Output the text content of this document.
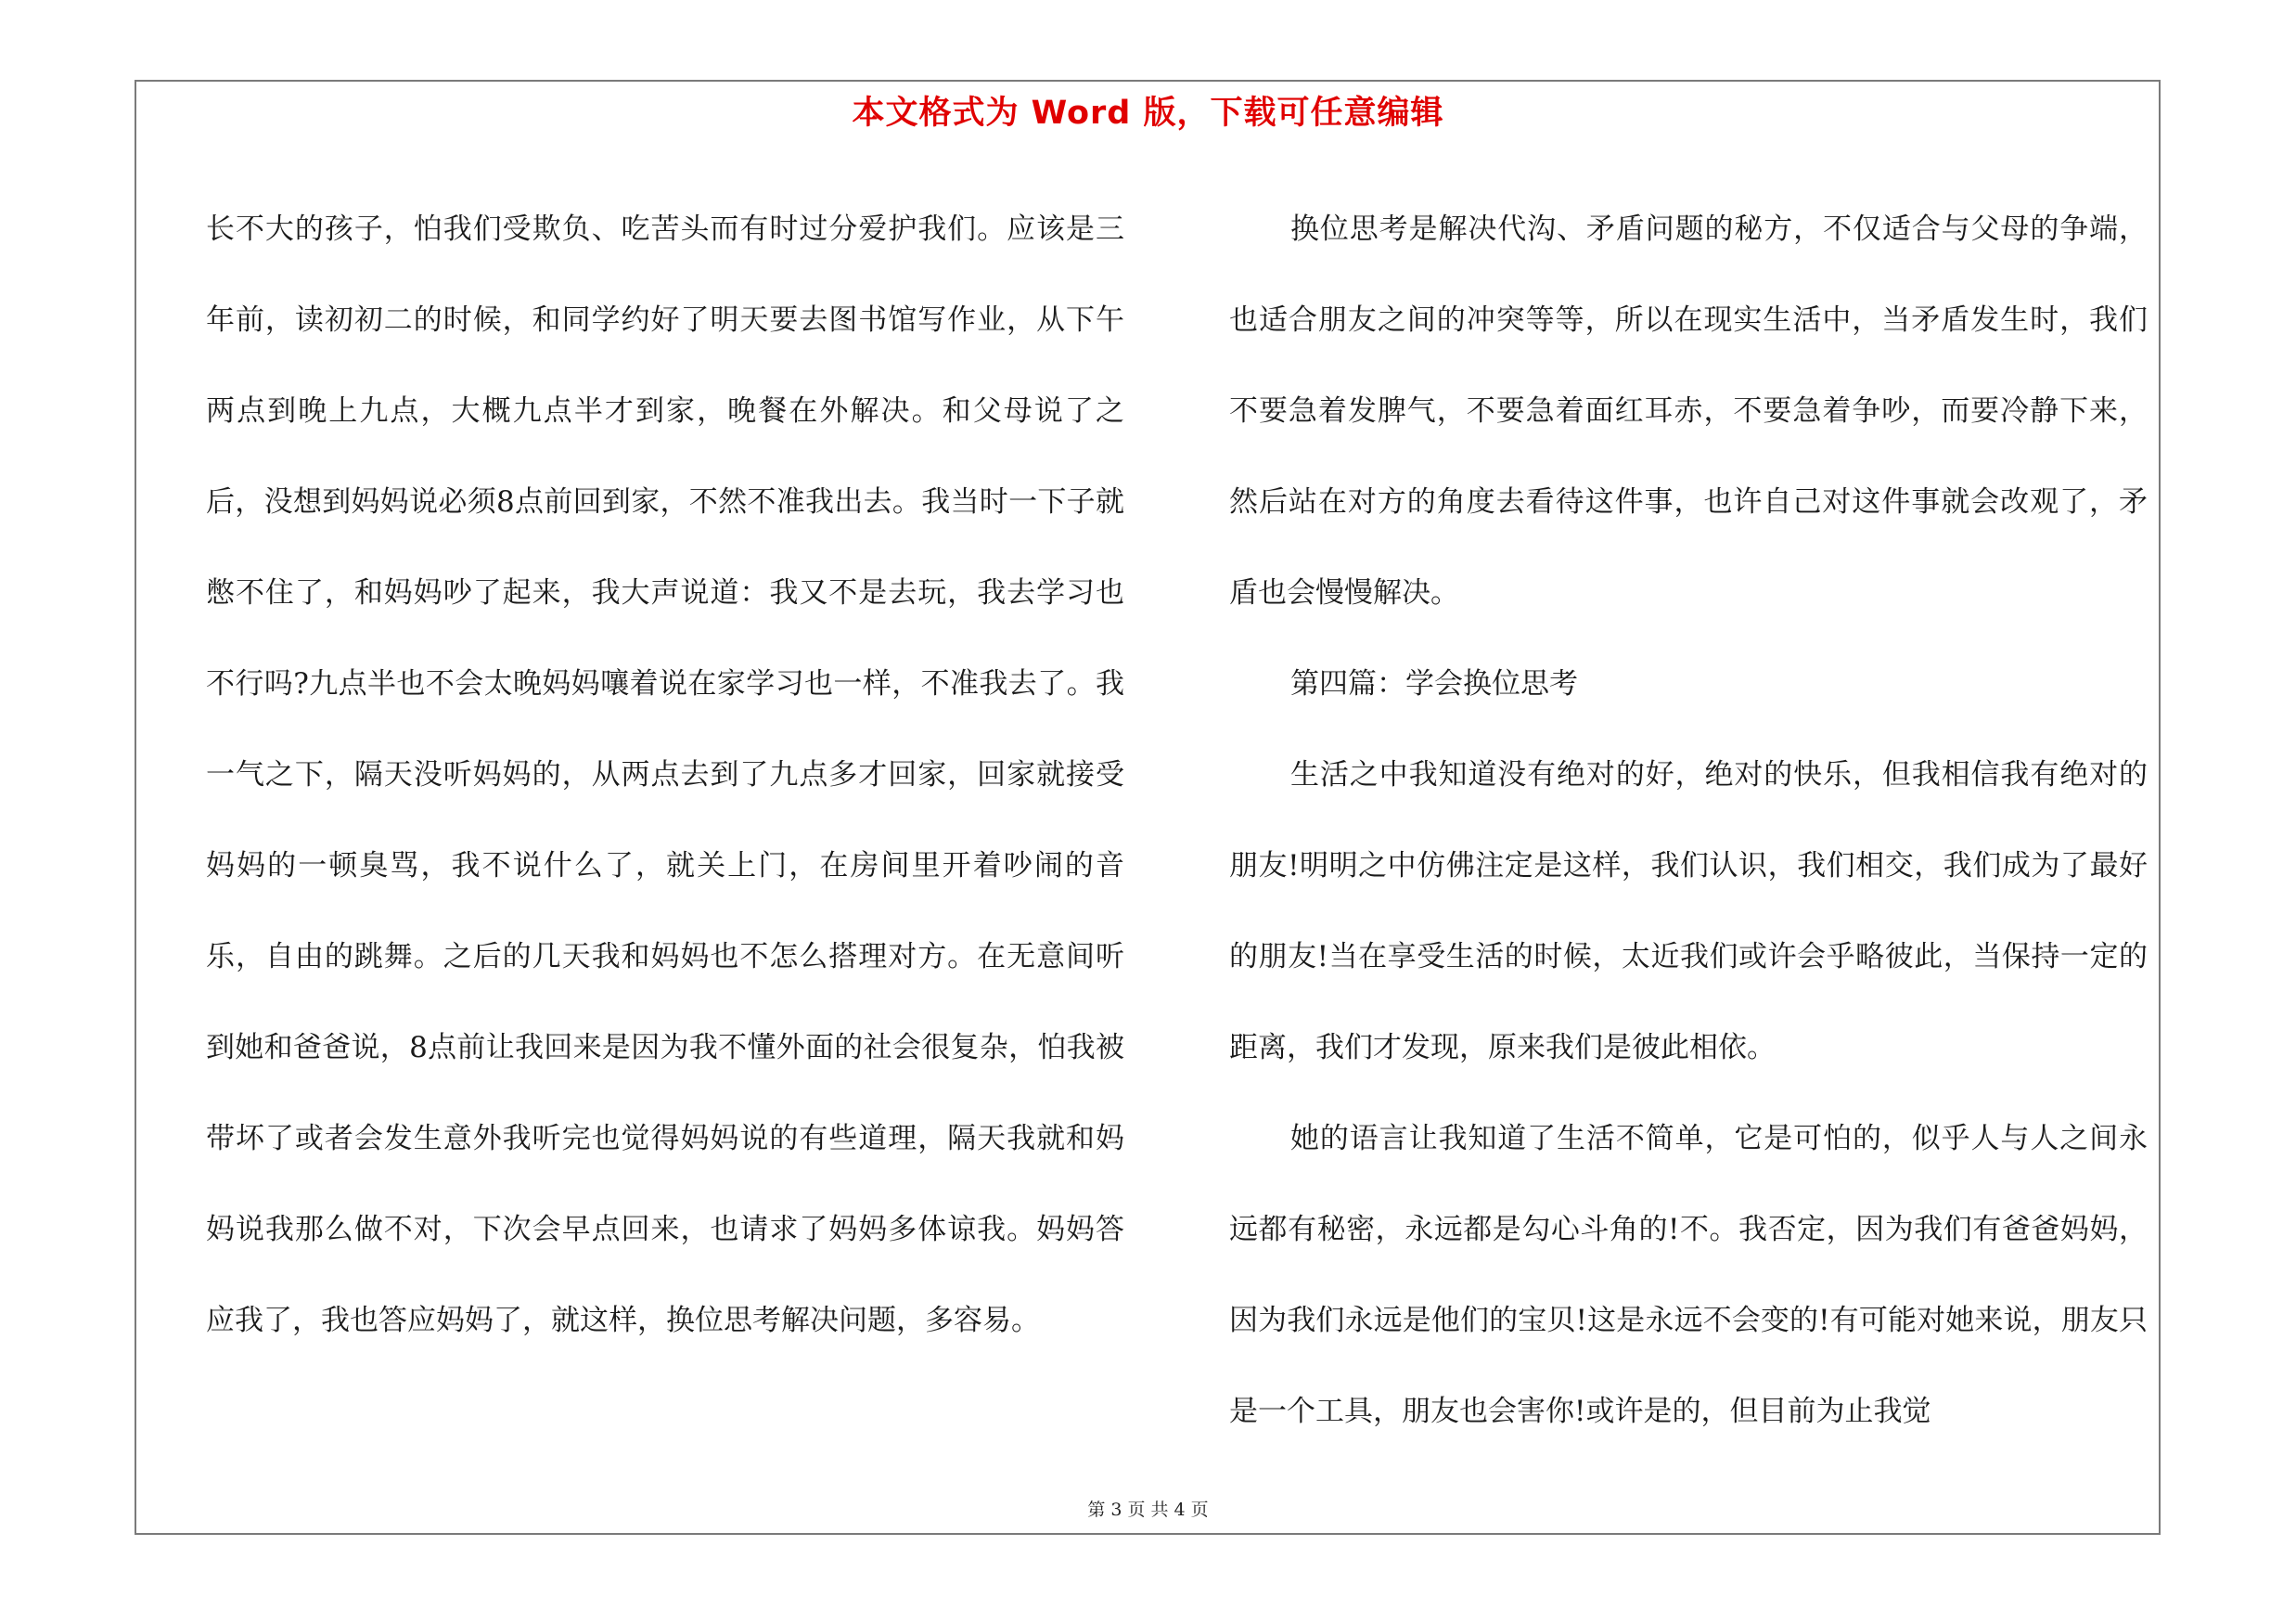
本文格式为 Word 版，下载可任意编辑

长不大的孩子，怕我们受欺负、吃苦头而有时过分爱护我们。应该是三年前，读初初二的时候，和同学约好了明天要去图书馆写作业，从下午两点到晚上九点，大概九点半才到家，晚餐在外解决。和父母说了之后，没想到妈妈说必须8点前回到家，不然不准我出去。我当时一下子就憋不住了，和妈妈吵了起来，我大声说道：我又不是去玩，我去学习也不行吗?九点半也不会太晚妈妈嚷着说在家学习也一样，不准我去了。我一气之下，隔天没听妈妈的，从两点去到了九点多才回家，回家就接受妈妈的一顿臭骂，我不说什么了，就关上门，在房间里开着吵闹的音乐，自由的跳舞。之后的几天我和妈妈也不怎么搭理对方。在无意间听到她和爸爸说，8点前让我回来是因为我不懂外面的社会很复杂，怕我被带坏了或者会发生意外我听完也觉得妈妈说的有些道理，隔天我就和妈妈说我那么做不对，下次会早点回来，也请求了妈妈多体谅我。妈妈答应我了，我也答应妈妈了，就这样，换位思考解决问题，多容易。

换位思考是解决代沟、矛盾问题的秘方，不仅适合与父母的争端，也适合朋友之间的冲突等等，所以在现实生活中，当矛盾发生时，我们不要急着发脾气，不要急着面红耳赤，不要急着争吵，而要冷静下来，然后站在对方的角度去看待这件事，也许自己对这件事就会改观了，矛盾也会慢慢解决。

第四篇：学会换位思考

生活之中我知道没有绝对的好，绝对的快乐，但我相信我有绝对的朋友!明明之中仿佛注定是这样，我们认识，我们相交，我们成为了最好的朋友!当在享受生活的时候，太近我们或许会乎略彼此，当保持一定的距离，我们才发现，原来我们是彼此相依。

她的语言让我知道了生活不简单，它是可怕的，似乎人与人之间永远都有秘密，永远都是勾心斗角的!不。我否定，因为我们有爸爸妈妈，因为我们永远是他们的宝贝!这是永远不会变的!有可能对她来说，朋友只是一个工具，朋友也会害你!或许是的，但目前为止我觉

第 3 页 共 4 页
